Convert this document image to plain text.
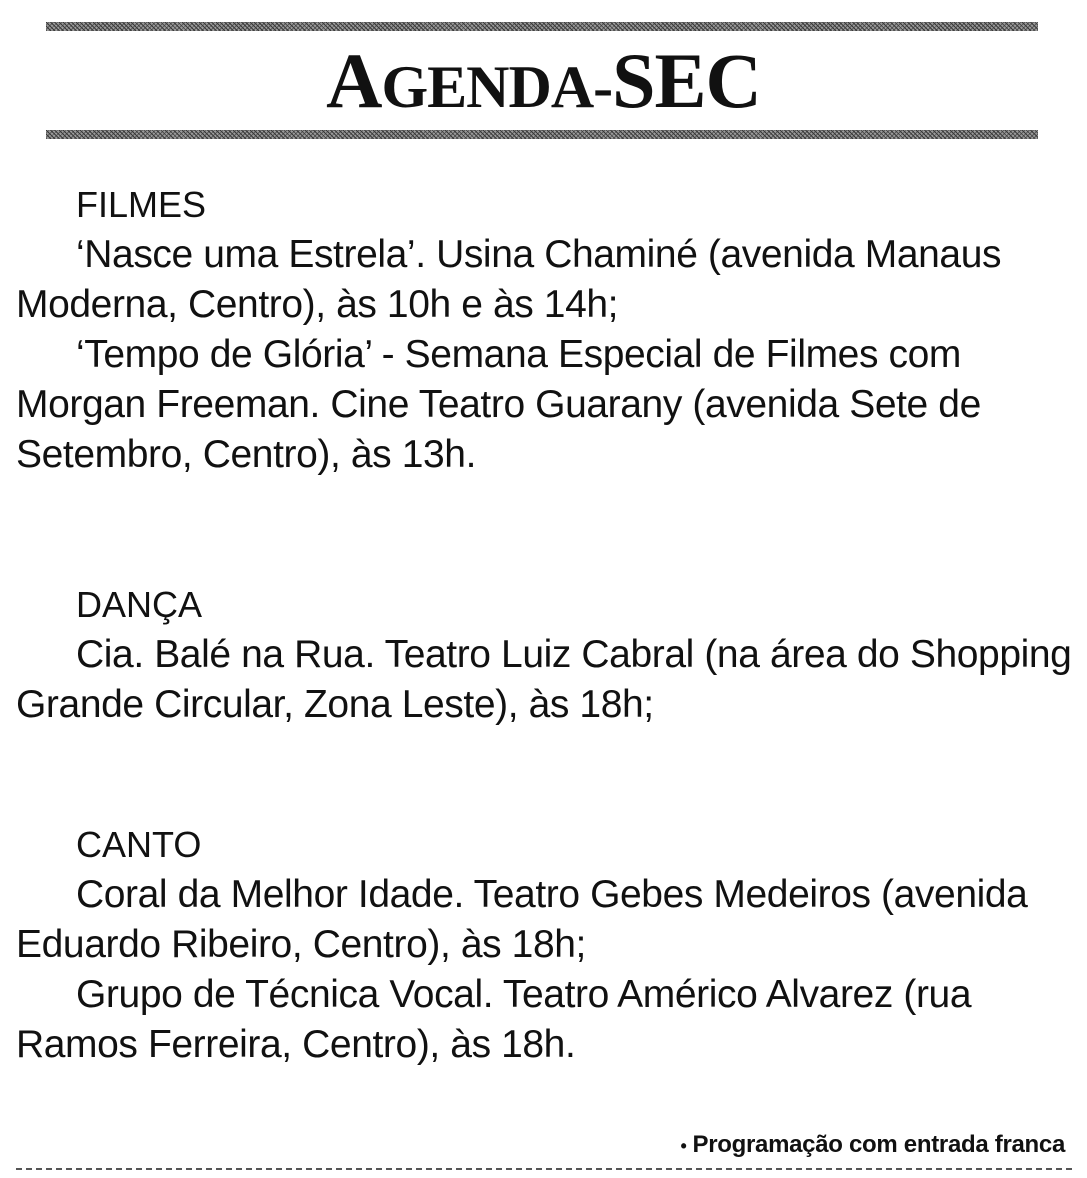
AGENDA-SEC
FILMES

‘Nasce uma Estrela’. Usina Chaminé (avenida Manaus Moderna, Centro), às 10h e às 14h;

‘Tempo de Glória’ - Semana Especial de Filmes com Morgan Freeman. Cine Teatro Guarany (avenida Sete de Setembro, Centro), às 13h.

DANÇA

Cia. Balé na Rua. Teatro Luiz Cabral (na área do Shopping Grande Circular, Zona Leste), às 18h;

CANTO

Coral da Melhor Idade. Teatro Gebes Medeiros (avenida Eduardo Ribeiro, Centro), às 18h;

Grupo de Técnica Vocal. Teatro Américo Alvarez (rua Ramos Ferreira, Centro), às 18h.

• Programação com entrada franca
